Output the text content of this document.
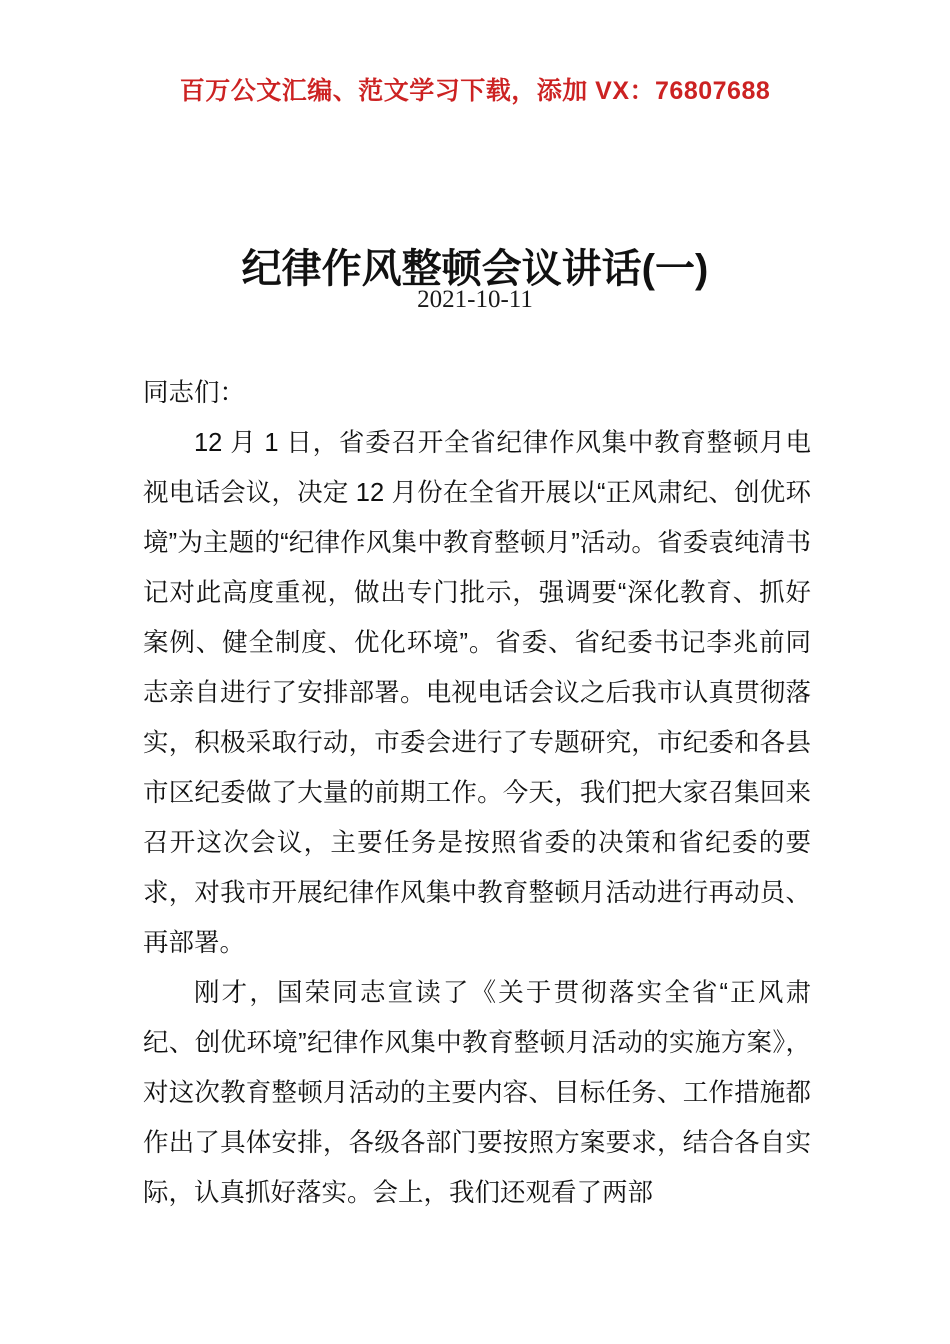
百万公文汇编、范文学习下载，添加 VX：76807688
纪律作风整顿会议讲话(一)
2021-10-11

同志们：

12 月 1 日，省委召开全省纪律作风集中教育整顿月电视电话会议，决定 12 月份在全省开展以“正风肃纪、创优环境”为主题的“纪律作风集中教育整顿月”活动。省委袁纯清书记对此高度重视，做出专门批示，强调要“深化教育、抓好案例、健全制度、优化环境”。省委、省纪委书记李兆前同志亲自进行了安排部署。电视电话会议之后我市认真贯彻落实，积极采取行动，市委会进行了专题研究，市纪委和各县市区纪委做了大量的前期工作。今天，我们把大家召集回来召开这次会议，主要任务是按照省委的决策和省纪委的要求，对我市开展纪律作风集中教育整顿月活动进行再动员、再部署。

刚才，国荣同志宣读了《关于贯彻落实全省“正风肃纪、创优环境”纪律作风集中教育整顿月活动的实施方案》，对这次教育整顿月活动的主要内容、目标任务、工作措施都作出了具体安排，各级各部门要按照方案要求，结合各自实际，认真抓好落实。会上，我们还观看了两部
